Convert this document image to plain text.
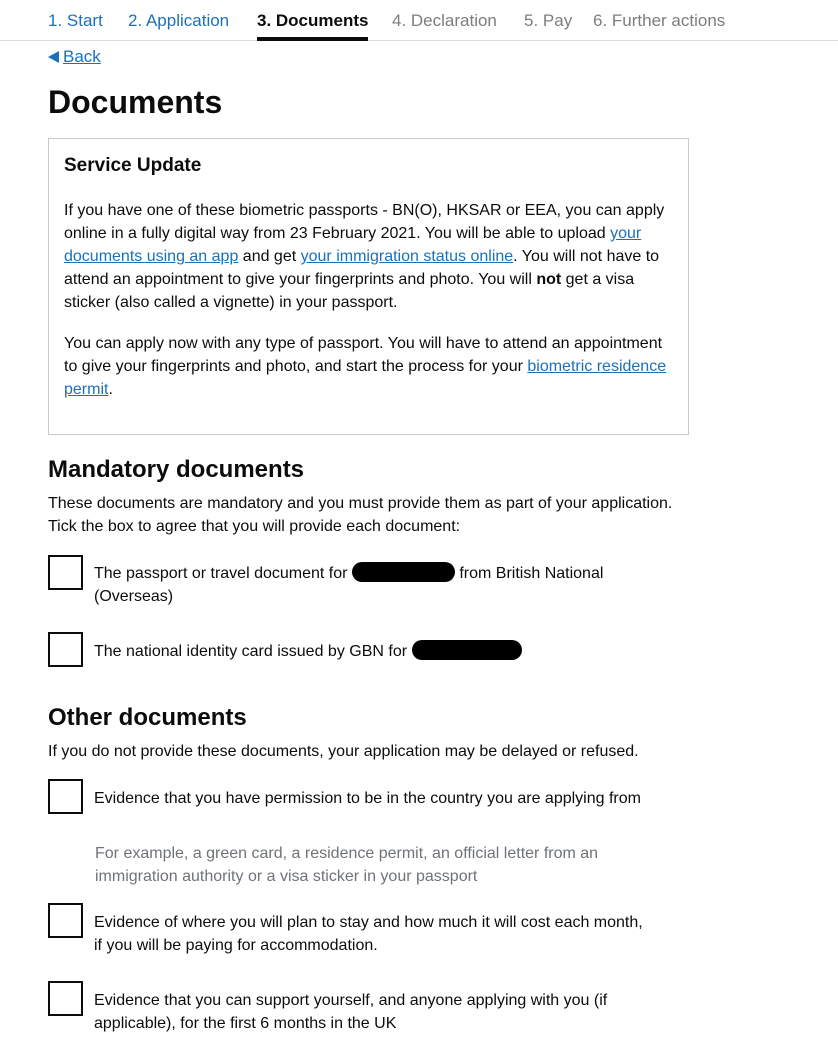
1. Start 2. Application 3. Documents 4. Declaration 5. Pay 6. Further actions
Back
Documents
Service Update

If you have one of these biometric passports - BN(O), HKSAR or EEA, you can apply online in a fully digital way from 23 February 2021. You will be able to upload your documents using an app and get your immigration status online. You will not have to attend an appointment to give your fingerprints and photo. You will not get a visa sticker (also called a vignette) in your passport.

You can apply now with any type of passport. You will have to attend an appointment to give your fingerprints and photo, and start the process for your biometric residence permit.

Mandatory documents

These documents are mandatory and you must provide them as part of your application. Tick the box to agree that you will provide each document:

The passport or travel document for	from British National (Overseas)

The national identity card issued by GBN for

Other documents

If you do not provide these documents, your application may be delayed or refused.

Evidence that you have permission to be in the country you are applying from

For example, a green card, a residence permit, an official letter from an immigration authority or a visa sticker in your passport

Evidence of where you will plan to stay and how much it will cost each month, if you will be paying for accommodation.

Evidence that you can support yourself, and anyone applying with you (if applicable), for the first 6 months in the UK
